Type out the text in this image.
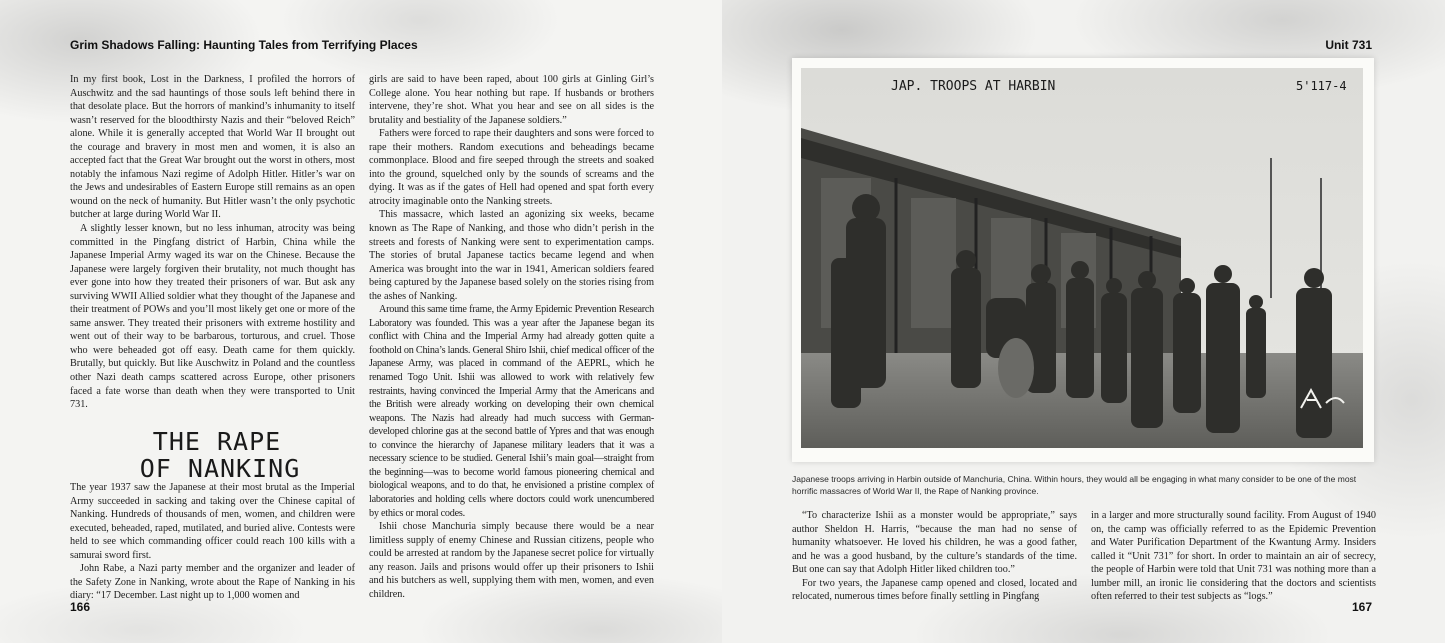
Grim Shadows Falling: Haunting Tales from Terrifying Places

In my first book, Lost in the Darkness, I profiled the horrors of Auschwitz and the sad hauntings of those souls left behind there in that desolate place. But the horrors of mankind’s inhumanity to itself wasn’t reserved for the bloodthirsty Nazis and their “beloved Reich” alone. While it is generally accepted that World War II brought out the courage and bravery in most men and women, it is also an accepted fact that the Great War brought out the worst in others, most notably the infamous Nazi regime of Adolph Hitler. Hitler’s war on the Jews and undesirables of Eastern Europe still remains as an open wound on the neck of humanity. But Hitler wasn’t the only psychotic butcher at large during World War II.

A slightly lesser known, but no less inhuman, atrocity was being committed in the Pingfang district of Harbin, China while the Japanese Imperial Army waged its war on the Chinese. Because the Japanese were largely forgiven their brutality, not much thought has ever gone into how they treated their prisoners of war. But ask any surviving WWII Allied soldier what they thought of the Japanese and their treatment of POWs and you’ll most likely get one or more of the same answer. They treated their prisoners with extreme hostility and went out of their way to be barbarous, torturous, and cruel. Those who were beheaded got off easy. Death came for them quickly. Brutally, but quickly. But like Auschwitz in Poland and the countless other Nazi death camps scattered across Europe, other prisoners faced a fate worse than death when they were transported to Unit 731.

THE RAPE
OF NANKING

The year 1937 saw the Japanese at their most brutal as the Imperial Army succeeded in sacking and taking over the Chinese capital of Nanking. Hundreds of thousands of men, women, and children were executed, beheaded, raped, mutilated, and buried alive. Contests were held to see which commanding officer could reach 100 kills with a samurai sword first.

John Rabe, a Nazi party member and the organizer and leader of the Safety Zone in Nanking, wrote about the Rape of Nanking in his diary: “17 December. Last night up to 1,000 women and

girls are said to have been raped, about 100 girls at Ginling Girl’s College alone. You hear nothing but rape. If husbands or brothers intervene, they’re shot. What you hear and see on all sides is the brutality and bestiality of the Japanese soldiers.”

Fathers were forced to rape their daughters and sons were forced to rape their mothers. Random executions and beheadings became commonplace. Blood and fire seeped through the streets and soaked into the ground, squelched only by the sounds of screams and the dying. It was as if the gates of Hell had opened and spat forth every atrocity imaginable onto the Nanking streets.

This massacre, which lasted an agonizing six weeks, became known as The Rape of Nanking, and those who didn’t perish in the streets and forests of Nanking were sent to experimentation camps. The stories of brutal Japanese tactics became legend and when America was brought into the war in 1941, American soldiers feared being captured by the Japanese based solely on the stories rising from the ashes of Nanking.

Around this same time frame, the Army Epidemic Prevention Research Laboratory was founded. This was a year after the Japanese began its conflict with China and the Imperial Army had already gotten quite a foothold on China’s lands. General Shiro Ishii, chief medical officer of the Japanese Army, was placed in command of the AEPRL, which he renamed Togo Unit. Ishii was allowed to work with relatively few restraints, having convinced the Imperial Army that the Americans and the British were already working on developing their own chemical weapons. The Nazis had already had much success with German-developed chlorine gas at the second battle of Ypres and that was enough to convince the hierarchy of Japanese military leaders that it was a necessary science to be studied. General Ishii’s main goal—straight from the beginning—was to become world famous pioneering chemical and biological weapons, and to do that, he envisioned a pristine complex of laboratories and holding cells where doctors could work unencumbered by ethics or moral codes.

Ishii chose Manchuria simply because there would be a near limitless supply of enemy Chinese and Russian citizens, people who could be arrested at random by the Japanese secret police for virtually any reason. Jails and prisons would offer up their prisoners to Ishii and his butchers as well, supplying them with men, women, and even children.

166
Unit 731
JAP. TROOPS AT HARBIN	5'117-4
Japanese troops arriving in Harbin outside of Manchuria, China. Within hours, they would all be engaging in what many consider to be one of the most horrific massacres of World War II, the Rape of Nanking province.

“To characterize Ishii as a monster would be appropriate,” says author Sheldon H. Harris, “because the man had no sense of humanity whatsoever. He loved his children, he was a good father, and he was a good husband, by the culture’s standards of the time. But one can say that Adolph Hitler liked children too.”

For two years, the Japanese camp opened and closed, located and relocated, numerous times before finally settling in Pingfang

in a larger and more structurally sound facility. From August of 1940 on, the camp was officially referred to as the Epidemic Prevention and Water Purification Department of the Kwantung Army. Insiders called it “Unit 731” for short. In order to maintain an air of secrecy, the people of Harbin were told that Unit 731 was nothing more than a lumber mill, an ironic lie considering that the doctors and scientists often referred to their test subjects as “logs.”

167
